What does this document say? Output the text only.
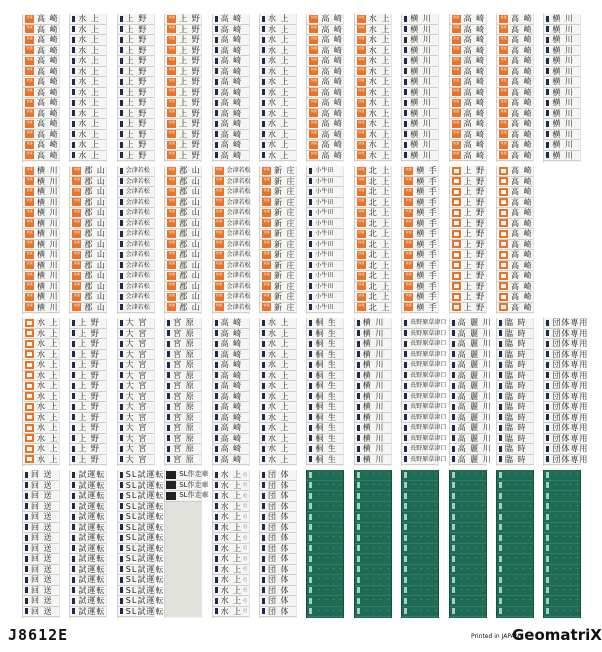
快速 高 崎
快速 高 崎
快速 高 崎
快速 高 崎
快速 高 崎
快速 高 崎
快速 高 崎
快速 高 崎
快速 高 崎
快速 高 崎
快速 高 崎
快速 高 崎
快速 高 崎
快速 高 崎
水 上
水 上
水 上
水 上
水 上
水 上
水 上
水 上
水 上
水 上
水 上
水 上
水 上
水 上
上 野
上 野
上 野
上 野
上 野
上 野
上 野
上 野
上 野
上 野
上 野
上 野
上 野
上 野
快速 上 野
快速 上 野
快速 上 野
快速 上 野
快速 上 野
快速 上 野
快速 上 野
快速 上 野
快速 上 野
快速 上 野
快速 上 野
快速 上 野
快速 上 野
快速 上 野
高 崎
高 崎
高 崎
高 崎
高 崎
高 崎
高 崎
高 崎
高 崎
高 崎
高 崎
高 崎
高 崎
高 崎
水 上
水 上
水 上
水 上
水 上
水 上
水 上
水 上
水 上
水 上
水 上
水 上
水 上
水 上
快速 高 崎
快速 高 崎
快速 高 崎
快速 高 崎
快速 高 崎
快速 高 崎
快速 高 崎
快速 高 崎
快速 高 崎
快速 高 崎
快速 高 崎
快速 高 崎
快速 高 崎
快速 高 崎
快速 水 上
快速 水 上
快速 水 上
快速 水 上
快速 水 上
快速 水 上
快速 水 上
快速 水 上
快速 水 上
快速 水 上
快速 水 上
快速 水 上
快速 水 上
快速 水 上
横 川
横 川
横 川
横 川
横 川
横 川
横 川
横 川
横 川
横 川
横 川
横 川
横 川
横 川
快速 高 崎
快速 高 崎
快速 高 崎
快速 高 崎
快速 高 崎
快速 高 崎
快速 高 崎
快速 高 崎
快速 高 崎
快速 高 崎
快速 高 崎
快速 高 崎
快速 高 崎
快速 高 崎
快速 高 崎
快速 高 崎
快速 高 崎
快速 高 崎
快速 高 崎
快速 高 崎
快速 高 崎
快速 高 崎
快速 高 崎
快速 高 崎
快速 高 崎
快速 高 崎
快速 高 崎
快速 高 崎
横 川
横 川
横 川
横 川
横 川
横 川
横 川
横 川
横 川
横 川
横 川
横 川
横 川
横 川
快速 横 川
快速 横 川
快速 横 川
快速 横 川
快速 横 川
快速 横 川
快速 横 川
快速 横 川
快速 横 川
快速 横 川
快速 横 川
快速 横 川
快速 横 川
快速 横 川
快速 郡 山
快速 郡 山
快速 郡 山
快速 郡 山
快速 郡 山
快速 郡 山
快速 郡 山
快速 郡 山
快速 郡 山
快速 郡 山
快速 郡 山
快速 郡 山
快速 郡 山
快速 郡 山
会津若松
会津若松
会津若松
会津若松
会津若松
会津若松
会津若松
会津若松
会津若松
会津若松
会津若松
会津若松
会津若松
会津若松
快速 郡 山
快速 郡 山
快速 郡 山
快速 郡 山
快速 郡 山
快速 郡 山
快速 郡 山
快速 郡 山
快速 郡 山
快速 郡 山
快速 郡 山
快速 郡 山
快速 郡 山
快速 郡 山
快速 会津若松
快速 会津若松
快速 会津若松
快速 会津若松
快速 会津若松
快速 会津若松
快速 会津若松
快速 会津若松
快速 会津若松
快速 会津若松
快速 会津若松
快速 会津若松
快速 会津若松
快速 会津若松
快速 新 庄
快速 新 庄
快速 新 庄
快速 新 庄
快速 新 庄
快速 新 庄
快速 新 庄
快速 新 庄
快速 新 庄
快速 新 庄
快速 新 庄
快速 新 庄
快速 新 庄
快速 新 庄
小牛田
小牛田
小牛田
小牛田
小牛田
小牛田
小牛田
小牛田
小牛田
小牛田
小牛田
小牛田
小牛田
小牛田
快速 北 上
快速 北 上
快速 北 上
快速 北 上
快速 北 上
快速 北 上
快速 北 上
快速 北 上
快速 北 上
快速 北 上
快速 北 上
快速 北 上
快速 北 上
快速 北 上
快速 横 手
快速 横 手
快速 横 手
快速 横 手
快速 横 手
快速 横 手
快速 横 手
快速 横 手
快速 横 手
快速 横 手
快速 横 手
快速 横 手
快速 横 手
快速 横 手
上 野
上 野
上 野
上 野
上 野
上 野
上 野
上 野
上 野
上 野
上 野
上 野
上 野
上 野
高 崎
高 崎
高 崎
高 崎
高 崎
高 崎
高 崎
高 崎
高 崎
高 崎
高 崎
高 崎
高 崎
高 崎
水 上
水 上
水 上
水 上
水 上
水 上
水 上
水 上
水 上
水 上
水 上
水 上
水 上
水 上
上 野
上 野
上 野
上 野
上 野
上 野
上 野
上 野
上 野
上 野
上 野
上 野
上 野
上 野
大 宮
大 宮
大 宮
大 宮
大 宮
大 宮
大 宮
大 宮
大 宮
大 宮
大 宮
大 宮
大 宮
大 宮
宮 原
宮 原
宮 原
宮 原
宮 原
宮 原
宮 原
宮 原
宮 原
宮 原
宮 原
宮 原
宮 原
宮 原
高 崎
高 崎
高 崎
高 崎
高 崎
高 崎
高 崎
高 崎
高 崎
高 崎
高 崎
高 崎
高 崎
高 崎
水 上
水 上
水 上
水 上
水 上
水 上
水 上
水 上
水 上
水 上
水 上
水 上
水 上
水 上
桐 生
桐 生
桐 生
桐 生
桐 生
桐 生
桐 生
桐 生
桐 生
桐 生
桐 生
桐 生
桐 生
桐 生
横 川
横 川
横 川
横 川
横 川
横 川
横 川
横 川
横 川
横 川
横 川
横 川
横 川
横 川
長野原草津口
長野原草津口
長野原草津口
長野原草津口
長野原草津口
長野原草津口
長野原草津口
長野原草津口
長野原草津口
長野原草津口
長野原草津口
長野原草津口
長野原草津口
長野原草津口
高 麗 川
高 麗 川
高 麗 川
高 麗 川
高 麗 川
高 麗 川
高 麗 川
高 麗 川
高 麗 川
高 麗 川
高 麗 川
高 麗 川
高 麗 川
高 麗 川
臨 時
臨 時
臨 時
臨 時
臨 時
臨 時
臨 時
臨 時
臨 時
臨 時
臨 時
臨 時
臨 時
臨 時
団体専用
団体専用
団体専用
団体専用
団体専用
団体専用
団体専用
団体専用
団体専用
団体専用
団体専用
団体専用
団体専用
団体専用
回 送
回 送
回 送
回 送
回 送
回 送
回 送
回 送
回 送
回 送
回 送
回 送
回 送
回 送
試運転
試運転
試運転
試運転
試運転
試運転
試運転
試運転
試運転
試運転
試運転
試運転
試運転
試運転
SL試運転
SL試運転
SL試運転
SL試運転
SL試運転
SL試運転
SL試運転
SL試運転
SL試運転
SL試運転
SL試運転
SL試運転
SL試運転
SL試運転
SL作走車
SL作走車
SL作走車
水 上 行
水 上 行
水 上 行
水 上 行
水 上 行
水 上 行
水 上 行
水 上 行
水 上 行
水 上 行
水 上 行
水 上 行
水 上 行
水 上 行
団 体
団 体
団 体
団 体
団 体
団 体
団 体
団 体
団 体
団 体
団 体
団 体
団 体
団 体
· · · ·
· · · ·
· · · ·
· · · ·
· · · ·
· · · ·
· · · ·
· · · ·
· · · ·
· · · ·
· · · ·
· · · ·
· · · ·
· · · ·
· · · ·
· · · ·
· · · ·
· · · ·
· · · ·
· · · ·
· · · ·
· · · ·
· · · ·
· · · ·
· · · ·
· · · ·
· · · ·
· · · ·
· · · ·
· · · ·
· · · ·
· · · ·
· · · ·
· · · ·
· · · ·
· · · ·
· · · ·
· · · ·
· · · ·
· · · ·
· · · ·
· · · ·
· · · ·
· · · ·
· · · ·
· · · ·
· · · ·
· · · ·
· · · ·
· · · ·
· · · ·
· · · ·
· · · ·
· · · ·
· · · ·
· · · ·
· · · ·
· · · ·
· · · ·
· · · ·
· · · ·
· · · ·
· · · ·
· · · ·
· · · ·
· · · ·
· · · ·
· · · ·
· · · ·
· · · ·
· · · ·
· · · ·
· · · ·
· · · ·
· · · ·
· · · ·
· · · ·
· · · ·
· · · ·
· · · ·
· · · ·
· · · ·
· · · ·
· · · ·
J8612E	Printed in JAPAN
GeomatriX
